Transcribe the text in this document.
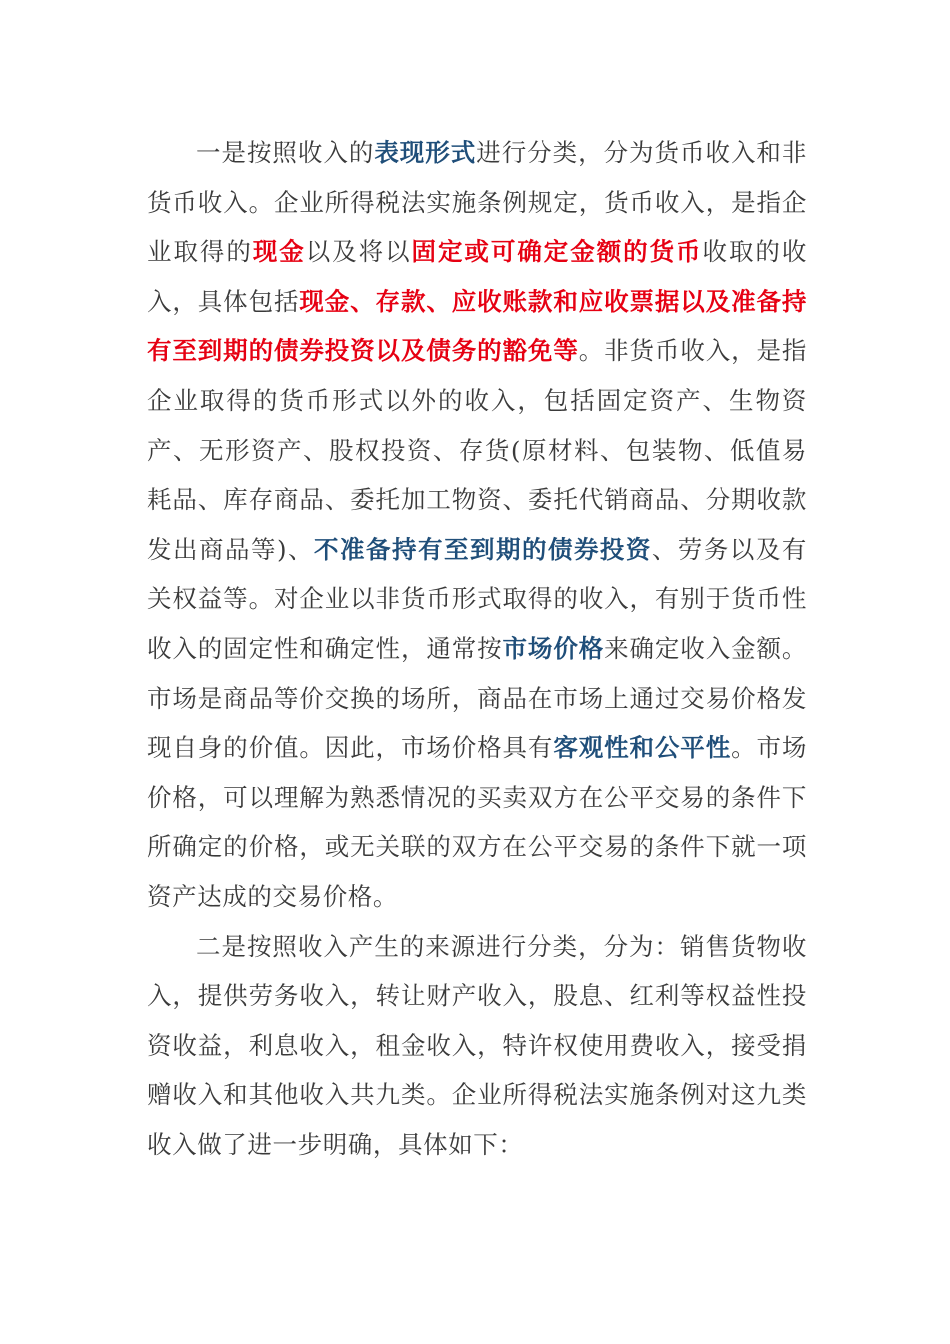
一是按照收入的表现形式进行分类，分为货币收入和非货币收入。企业所得税法实施条例规定，货币收入，是指企业取得的现金以及将以固定或可确定金额的货币收取的收入，具体包括现金、存款、应收账款和应收票据以及准备持有至到期的债券投资以及债务的豁免等。非货币收入，是指企业取得的货币形式以外的收入，包括固定资产、生物资产、无形资产、股权投资、存货(原材料、包装物、低值易耗品、库存商品、委托加工物资、委托代销商品、分期收款发出商品等)、不准备持有至到期的债券投资、劳务以及有关权益等。对企业以非货币形式取得的收入，有别于货币性收入的固定性和确定性，通常按市场价格来确定收入金额。市场是商品等价交换的场所，商品在市场上通过交易价格发现自身的价值。因此，市场价格具有客观性和公平性。市场价格，可以理解为熟悉情况的买卖双方在公平交易的条件下所确定的价格，或无关联的双方在公平交易的条件下就一项资产达成的交易价格。

二是按照收入产生的来源进行分类，分为：销售货物收入，提供劳务收入，转让财产收入，股息、红利等权益性投资收益，利息收入，租金收入，特许权使用费收入，接受捐赠收入和其他收入共九类。企业所得税法实施条例对这九类收入做了进一步明确，具体如下：
